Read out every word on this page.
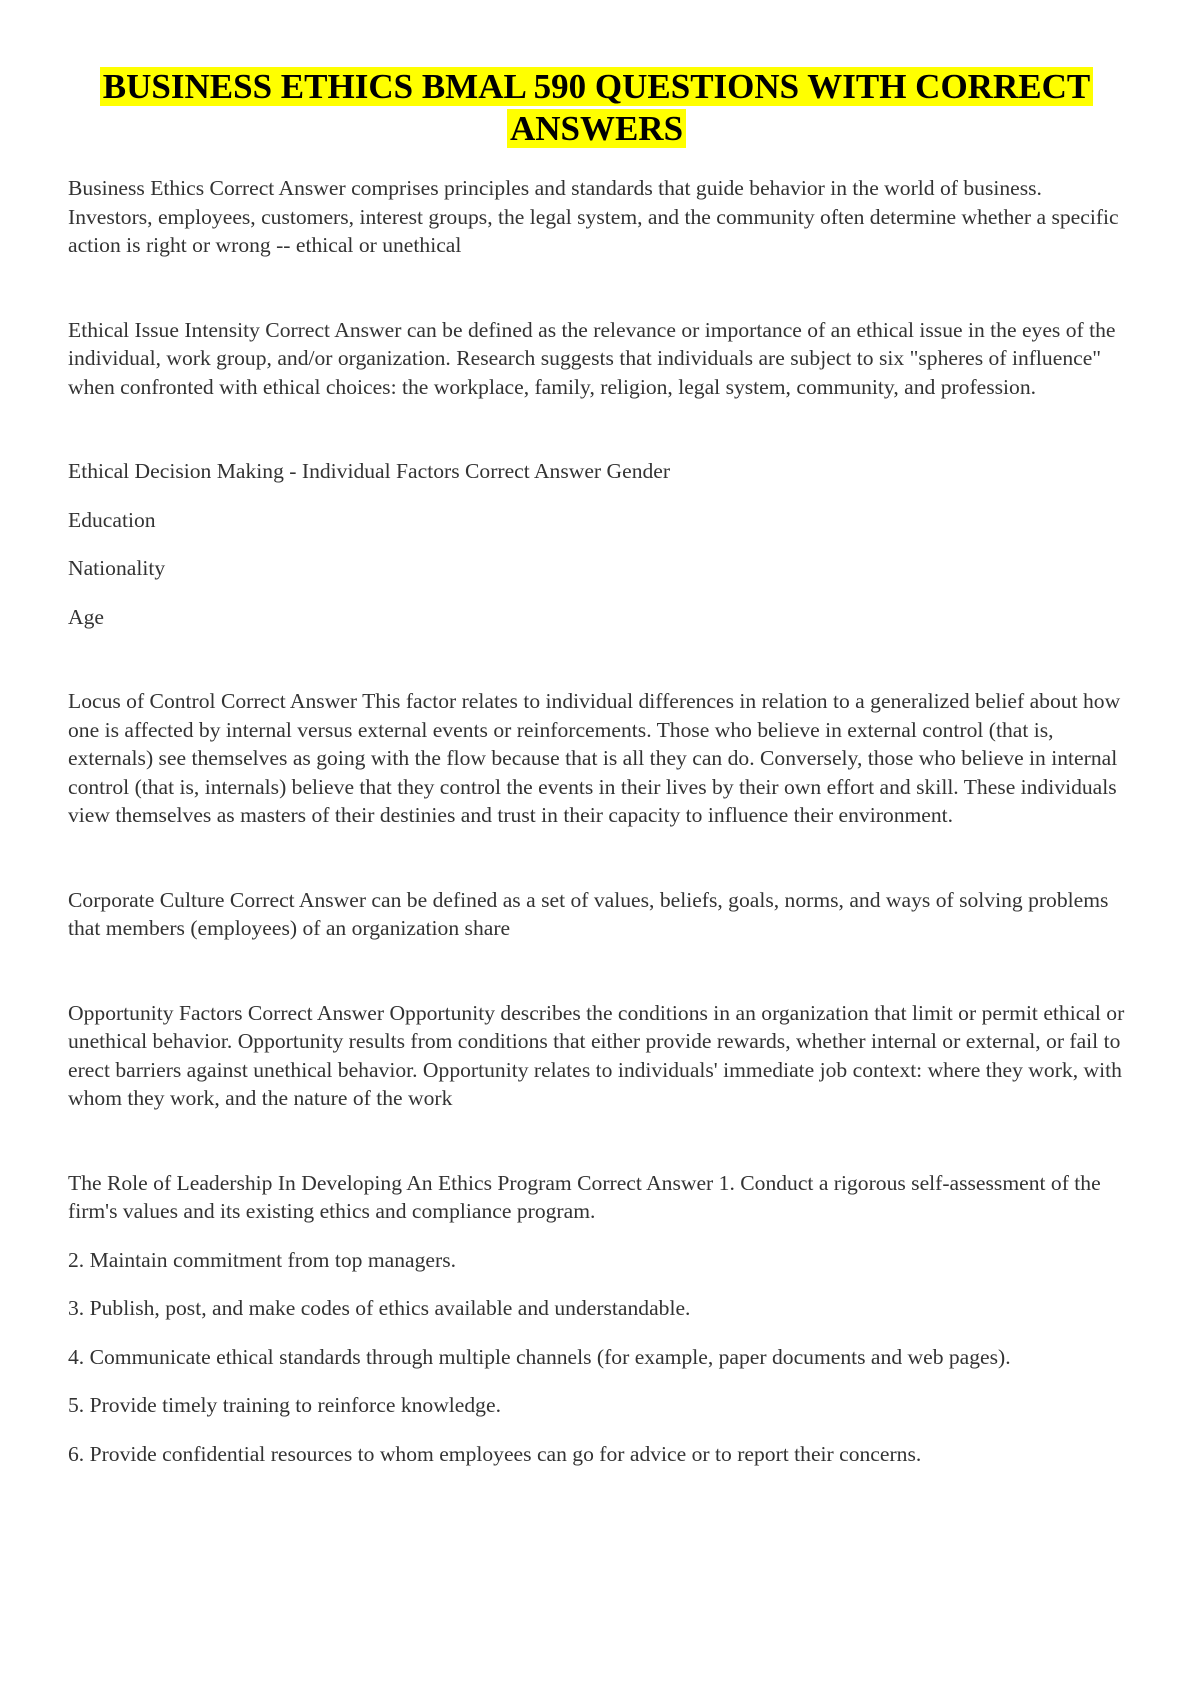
BUSINESS ETHICS BMAL 590 QUESTIONS WITH CORRECT
ANSWERS

Business Ethics Correct Answer comprises principles and standards that guide behavior in the world of business. Investors, employees, customers, interest groups, the legal system, and the community often determine whether a specific action is right or wrong -- ethical or unethical

Ethical Issue Intensity Correct Answer can be defined as the relevance or importance of an ethical issue in the eyes of the individual, work group, and/or organization. Research suggests that individuals are subject to six "spheres of influence" when confronted with ethical choices: the workplace, family, religion, legal system, community, and profession.

Ethical Decision Making - Individual Factors Correct Answer Gender

Education

Nationality

Age

Locus of Control Correct Answer This factor relates to individual differences in relation to a generalized belief about how one is affected by internal versus external events or reinforcements. Those who believe in external control (that is, externals) see themselves as going with the flow because that is all they can do. Conversely, those who believe in internal control (that is, internals) believe that they control the events in their lives by their own effort and skill. These individuals view themselves as masters of their destinies and trust in their capacity to influence their environment.

Corporate Culture Correct Answer can be defined as a set of values, beliefs, goals, norms, and ways of solving problems that members (employees) of an organization share

Opportunity Factors Correct Answer Opportunity describes the conditions in an organization that limit or permit ethical or unethical behavior. Opportunity results from conditions that either provide rewards, whether internal or external, or fail to erect barriers against unethical behavior. Opportunity relates to individuals' immediate job context: where they work, with whom they work, and the nature of the work

The Role of Leadership In Developing An Ethics Program Correct Answer 1. Conduct a rigorous self-assessment of the firm's values and its existing ethics and compliance program.

2. Maintain commitment from top managers.

3. Publish, post, and make codes of ethics available and understandable.

4. Communicate ethical standards through multiple channels (for example, paper documents and web pages).

5. Provide timely training to reinforce knowledge.

6. Provide confidential resources to whom employees can go for advice or to report their concerns.
